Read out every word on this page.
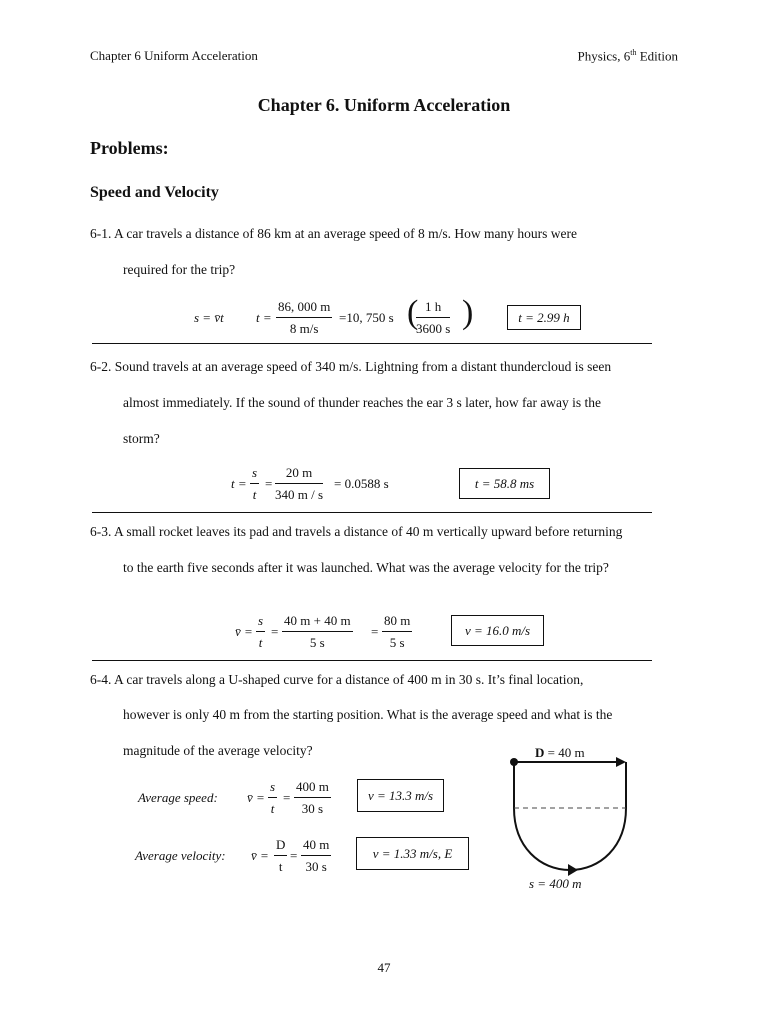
Chapter 6 Uniform Acceleration	Physics, 6th Edition
Chapter 6. Uniform Acceleration
Problems:
Speed and Velocity
6-1. A car travels a distance of 86 km at an average speed of 8 m/s. How many hours were
required for the trip?
s = v̄t $t = \frac{86, 000 m}{8 m/s} =10$, 750 s (
$\frac{1 h}{3600 s}$ )	t = 2.99 h
6-2. Sound travels at an average speed of 340 m/s. Lightning from a distant thundercloud is seen
almost immediately. If the sound of thunder reaches the ear 3 s later, how far away is the
storm?
$t = \frac{s}{t} = \frac{20 m}{340 m / s} = 0.0588$ s	t = 58.8 ms
6-3. A small rocket leaves its pad and travels a distance of 40 m vertically upward before returning
to the earth five seconds after it was launched. What was the average velocity for the trip?
v̄ = $\frac{s}{t} = \frac{40 m + 40 m}{5 s} = \frac{80 m}{5 s}$	v = 16.0 m/s
6-4. A car travels along a U-shaped curve for a distance of 400 m in 30 s. It’s final location,
however is only 40 m from the starting position. What is the average speed and what is the
magnitude of the average velocity?
Average speed: v̄ = $\frac{s}{t} = \frac{400 m}{30 s}$	v = 13.3 m/s
Average velocity: v̄ = $\frac{D}{t} = \frac{40 m}{30 s}$	v = 1.33 m/s, E
D = 40 m
s = 400 m
47
